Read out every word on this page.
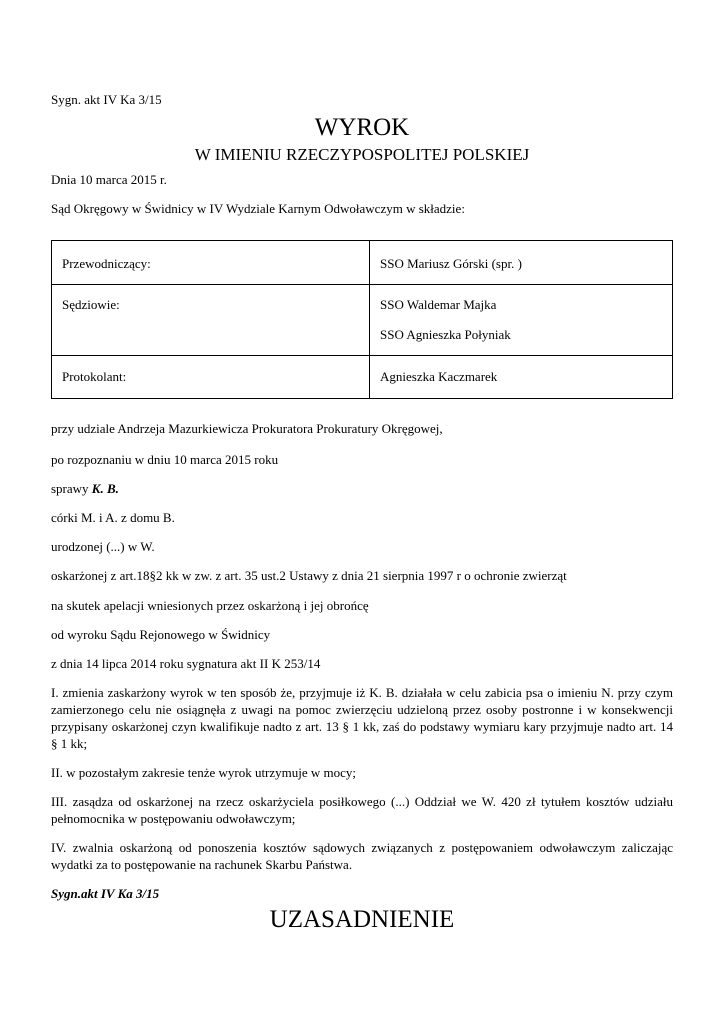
Sygn. akt IV Ka 3/15
WYROK
W IMIENIU RZECZYPOSPOLITEJ POLSKIEJ
Dnia 10 marca 2015 r.
Sąd Okręgowy w Świdnicy w IV Wydziale Karnym Odwoławczym w składzie:
Przewodniczący:	SSO Mariusz Górski (spr. )

Sędziowie:	SSO Waldemar Majka
SSO Agnieszka Połyniak

Protokolant:	Agnieszka Kaczmarek
przy udziale Andrzeja Mazurkiewicza Prokuratora Prokuratury Okręgowej,
po rozpoznaniu w dniu 10 marca 2015 roku
sprawy K. B.
córki M. i A. z domu B.
urodzonej (...) w W.
oskarżonej z art.18§2 kk w zw. z art. 35 ust.2 Ustawy z dnia 21 sierpnia 1997 r o ochronie zwierząt
na skutek apelacji wniesionych przez oskarżoną i jej obrońcę
od wyroku Sądu Rejonowego w Świdnicy
z dnia 14 lipca 2014 roku sygnatura akt II K 253/14
I. zmienia zaskarżony wyrok w ten sposób że, przyjmuje iż K. B. działała w celu zabicia psa o imieniu N. przy czym zamierzonego celu nie osiągnęła z uwagi na pomoc zwierzęciu udzieloną przez osoby postronne i w konsekwencji przypisany oskarżonej czyn kwalifikuje nadto z art. 13 § 1 kk, zaś do podstawy wymiaru kary przyjmuje nadto art. 14 § 1 kk;
II. w pozostałym zakresie tenże wyrok utrzymuje w mocy;
III. zasądza od oskarżonej na rzecz oskarżyciela posiłkowego (...) Oddział we W. 420 zł tytułem kosztów udziału pełnomocnika w postępowaniu odwoławczym;
IV. zwalnia oskarżoną od ponoszenia kosztów sądowych związanych z postępowaniem odwoławczym zaliczając wydatki za to postępowanie na rachunek Skarbu Państwa.
Sygn.akt IV Ka 3/15
UZASADNIENIE
